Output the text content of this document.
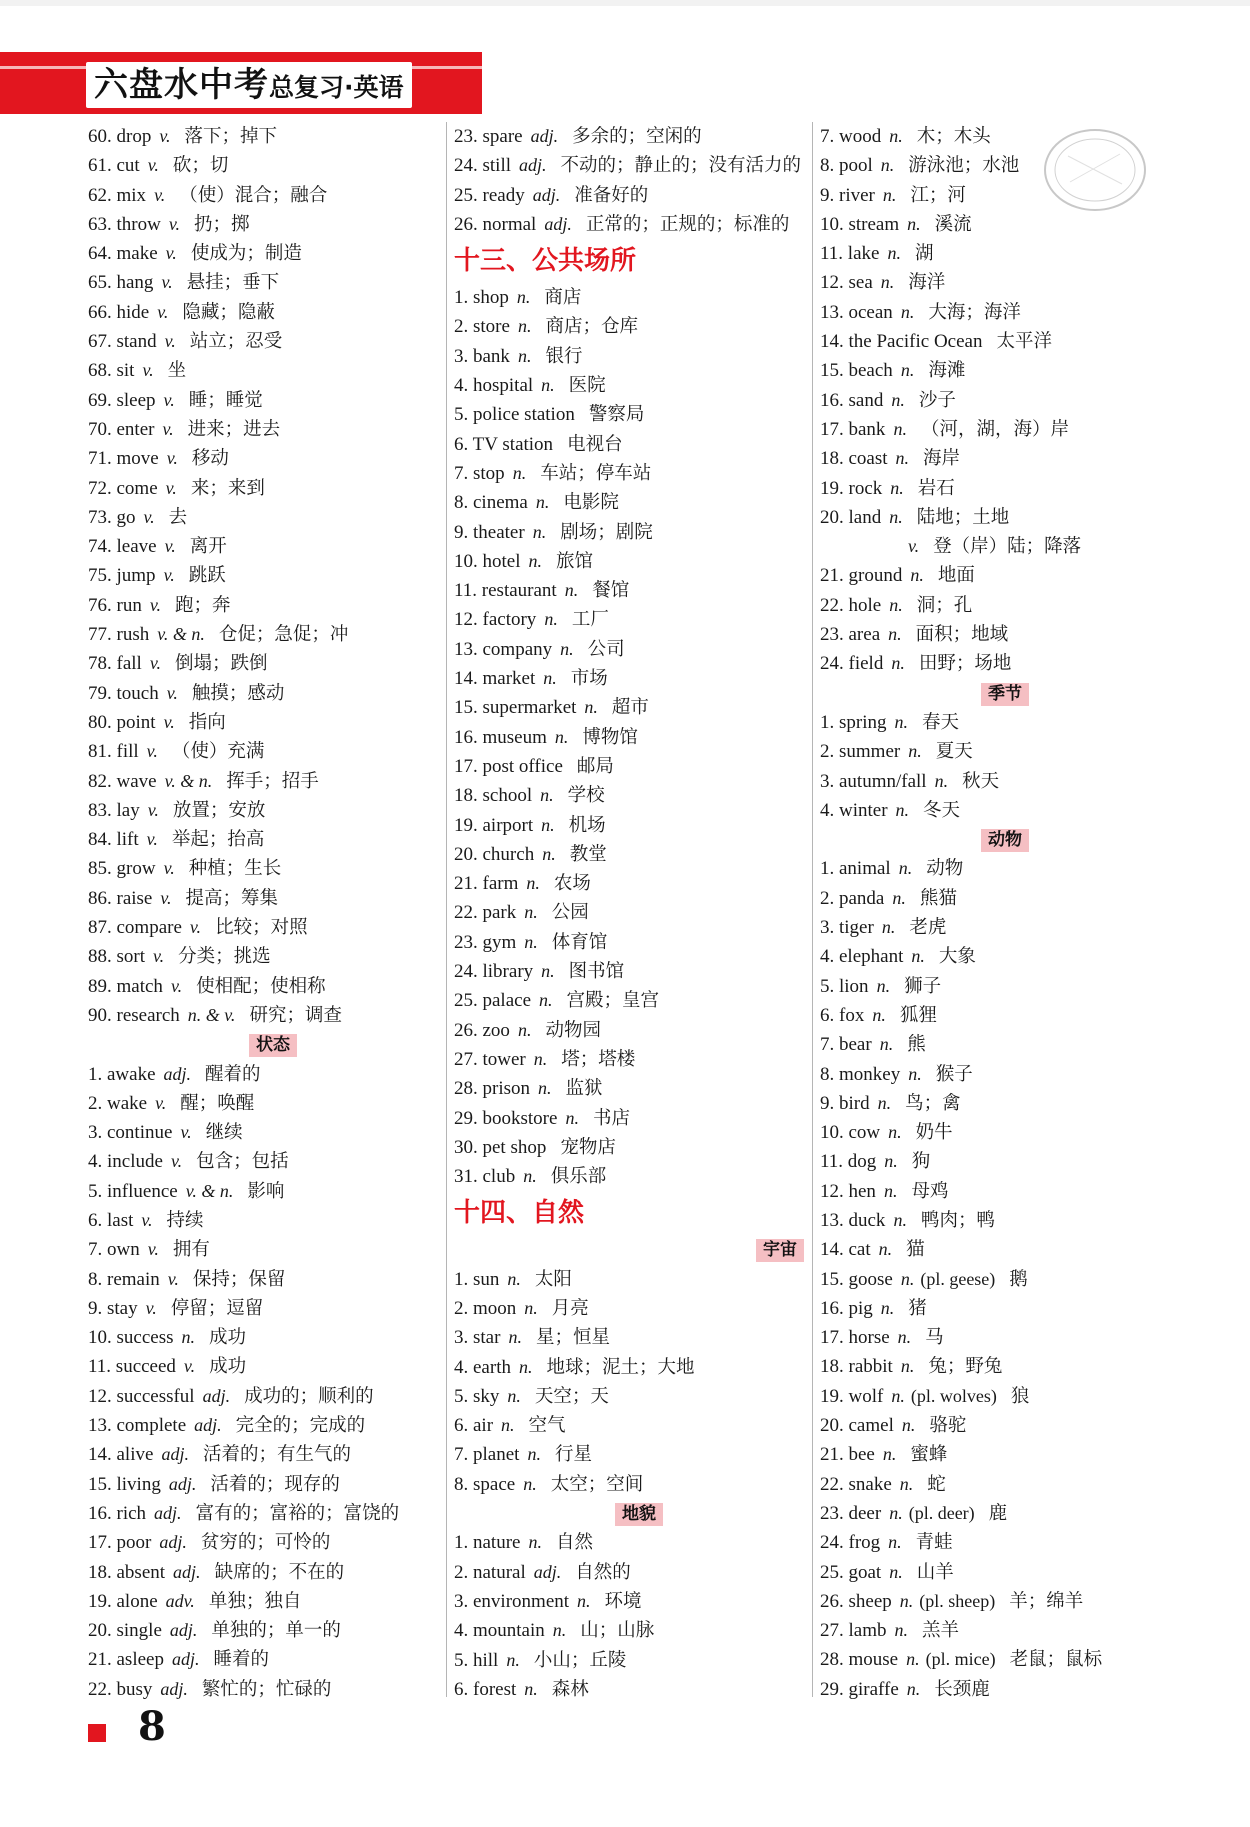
六盘水中考总复习·英语
60. drop v. 落下；掉下
61. cut v. 砍；切
62. mix v. （使）混合；融合
63. throw v. 扔；掷
64. make v. 使成为；制造
65. hang v. 悬挂；垂下
66. hide v. 隐藏；隐蔽
67. stand v. 站立；忍受
68. sit v. 坐
69. sleep v. 睡；睡觉
70. enter v. 进来；进去
71. move v. 移动
72. come v. 来；来到
73. go v. 去
74. leave v. 离开
75. jump v. 跳跃
76. run v. 跑；奔
77. rush v. & n. 仓促；急促；冲
78. fall v. 倒塌；跌倒
79. touch v. 触摸；感动
80. point v. 指向
81. fill v. （使）充满
82. wave v. & n. 挥手；招手
83. lay v. 放置；安放
84. lift v. 举起；抬高
85. grow v. 种植；生长
86. raise v. 提高；筹集
87. compare v. 比较；对照
88. sort v. 分类；挑选
89. match v. 使相配；使相称
90. research n. & v. 研究；调查
状态
1. awake adj. 醒着的
2. wake v. 醒；唤醒
3. continue v. 继续
4. include v. 包含；包括
5. influence v. & n. 影响
6. last v. 持续
7. own v. 拥有
8. remain v. 保持；保留
9. stay v. 停留；逗留
10. success n. 成功
11. succeed v. 成功
12. successful adj. 成功的；顺利的
13. complete adj. 完全的；完成的
14. alive adj. 活着的；有生气的
15. living adj. 活着的；现存的
16. rich adj. 富有的；富裕的；富饶的
17. poor adj. 贫穷的；可怜的
18. absent adj. 缺席的；不在的
19. alone adv. 单独；独自
20. single adj. 单独的；单一的
21. asleep adj. 睡着的
22. busy adj. 繁忙的；忙碌的
23. spare adj. 多余的；空闲的
24. still adj. 不动的；静止的；没有活力的
25. ready adj. 准备好的
26. normal adj. 正常的；正规的；标准的
十三、公共场所
1. shop n. 商店
2. store n. 商店；仓库
3. bank n. 银行
4. hospital n. 医院
5. police station 警察局
6. TV station 电视台
7. stop n. 车站；停车站
8. cinema n. 电影院
9. theater n. 剧场；剧院
10. hotel n. 旅馆
11. restaurant n. 餐馆
12. factory n. 工厂
13. company n. 公司
14. market n. 市场
15. supermarket n. 超市
16. museum n. 博物馆
17. post office 邮局
18. school n. 学校
19. airport n. 机场
20. church n. 教堂
21. farm n. 农场
22. park n. 公园
23. gym n. 体育馆
24. library n. 图书馆
25. palace n. 宫殿；皇宫
26. zoo n. 动物园
27. tower n. 塔；塔楼
28. prison n. 监狱
29. bookstore n. 书店
30. pet shop 宠物店
31. club n. 俱乐部
十四、自然
宇宙
1. sun n. 太阳
2. moon n. 月亮
3. star n. 星；恒星
4. earth n. 地球；泥土；大地
5. sky n. 天空；天
6. air n. 空气
7. planet n. 行星
8. space n. 太空；空间
地貌
1. nature n. 自然
2. natural adj. 自然的
3. environment n. 环境
4. mountain n. 山；山脉
5. hill n. 小山；丘陵
6. forest n. 森林
7. wood n. 木；木头
8. pool n. 游泳池；水池
9. river n. 江；河
10. stream n. 溪流
11. lake n. 湖
12. sea n. 海洋
13. ocean n. 大海；海洋
14. the Pacific Ocean 太平洋
15. beach n. 海滩
16. sand n. 沙子
17. bank n. （河，湖，海）岸
18. coast n. 海岸
19. rock n. 岩石
20. land n. 陆地；土地
v. 登（岸）陆；降落
21. ground n. 地面
22. hole n. 洞；孔
23. area n. 面积；地域
24. field n. 田野；场地
季节
1. spring n. 春天
2. summer n. 夏天
3. autumn/fall n. 秋天
4. winter n. 冬天
动物
1. animal n. 动物
2. panda n. 熊猫
3. tiger n. 老虎
4. elephant n. 大象
5. lion n. 狮子
6. fox n. 狐狸
7. bear n. 熊
8. monkey n. 猴子
9. bird n. 鸟；禽
10. cow n. 奶牛
11. dog n. 狗
12. hen n. 母鸡
13. duck n. 鸭肉；鸭
14. cat n. 猫
15. goose n. (pl. geese) 鹅
16. pig n. 猪
17. horse n. 马
18. rabbit n. 兔；野兔
19. wolf n. (pl. wolves) 狼
20. camel n. 骆驼
21. bee n. 蜜蜂
22. snake n. 蛇
23. deer n. (pl. deer) 鹿
24. frog n. 青蛙
25. goat n. 山羊
26. sheep n. (pl. sheep) 羊；绵羊
27. lamb n. 羔羊
28. mouse n. (pl. mice) 老鼠；鼠标
29. giraffe n. 长颈鹿
8
